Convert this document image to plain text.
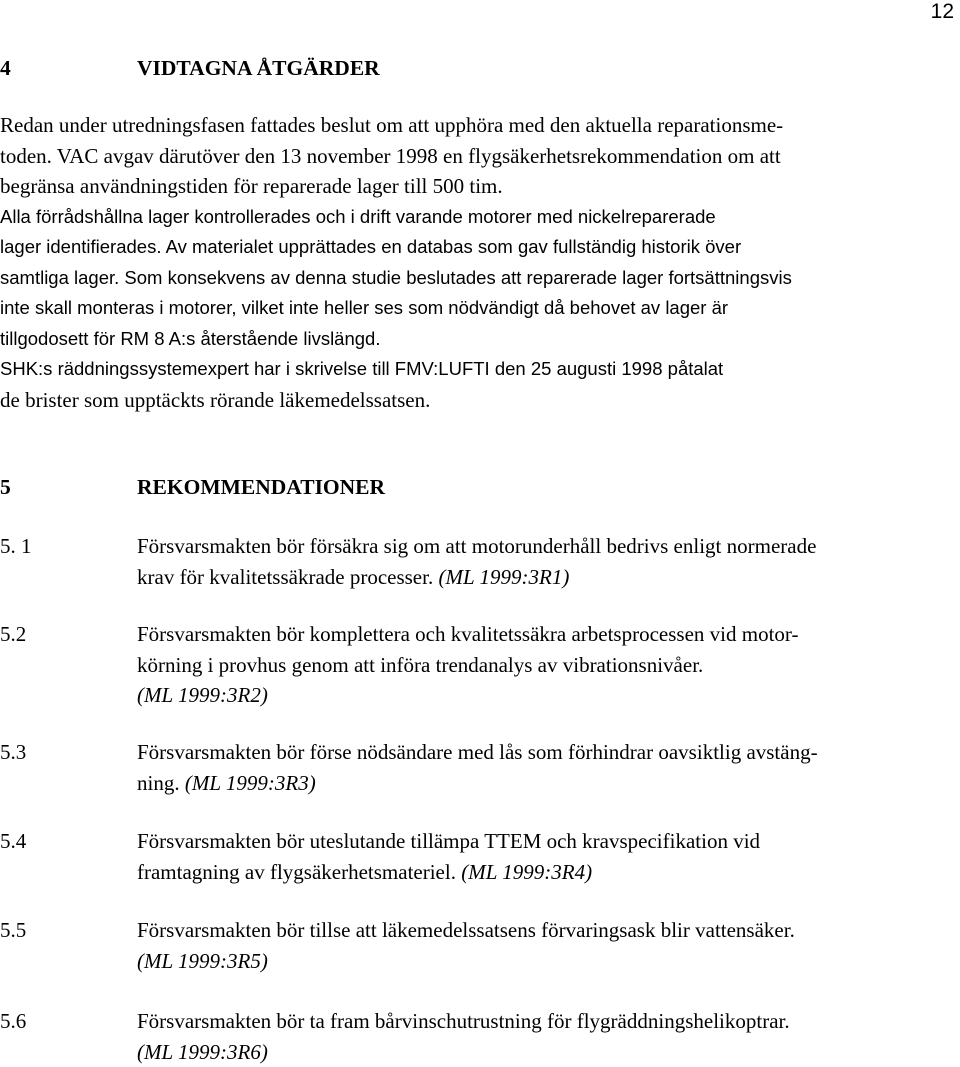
12
4	VIDTAGNA ÅTGÄRDER
Redan under utredningsfasen fattades beslut om att upphöra med den aktuella reparationsme-
toden. VAC avgav därutöver den 13 november 1998 en flygsäkerhetsrekommendation om att
begränsa användningstiden för reparerade lager till 500 tim.
Alla förrådshållna lager kontrollerades och i drift varande motorer med nickelreparerade
lager identifierades. Av materialet upprättades en databas som gav fullständig historik över
samtliga lager. Som konsekvens av denna studie beslutades att reparerade lager fortsättningsvis
inte skall monteras i motorer, vilket inte heller ses som nödvändigt då behovet av lager är
tillgodosett för RM 8 A:s återstående livslängd.
SHK:s räddningssystemexpert har i skrivelse till FMV:LUFTI den 25 augusti 1998 påtalat
de brister som upptäckts rörande läkemedelssatsen.
5	REKOMMENDATIONER
5. 1	Försvarsmakten bör försäkra sig om att motorunderhåll bedrivs enligt normerade
krav för kvalitetssäkrade processer. (ML 1999:3R1)
5.2	Försvarsmakten bör komplettera och kvalitetssäkra arbetsprocessen vid motor-
körning i provhus genom att införa trendanalys av vibrationsnivåer.
(ML 1999:3R2)
5.3	Försvarsmakten bör förse nödsändare med lås som förhindrar oavsiktlig avstäng-
ning. (ML 1999:3R3)
5.4	Försvarsmakten bör uteslutande tillämpa TTEM och kravspecifikation vid
framtagning av flygsäkerhetsmateriel. (ML 1999:3R4)
5.5	Försvarsmakten bör tillse att läkemedelssatsens förvaringsask blir vattensäker.
(ML 1999:3R5)
5.6	Försvarsmakten bör ta fram bårvinschutrustning för flygräddningshelikoptrar.
(ML 1999:3R6)
